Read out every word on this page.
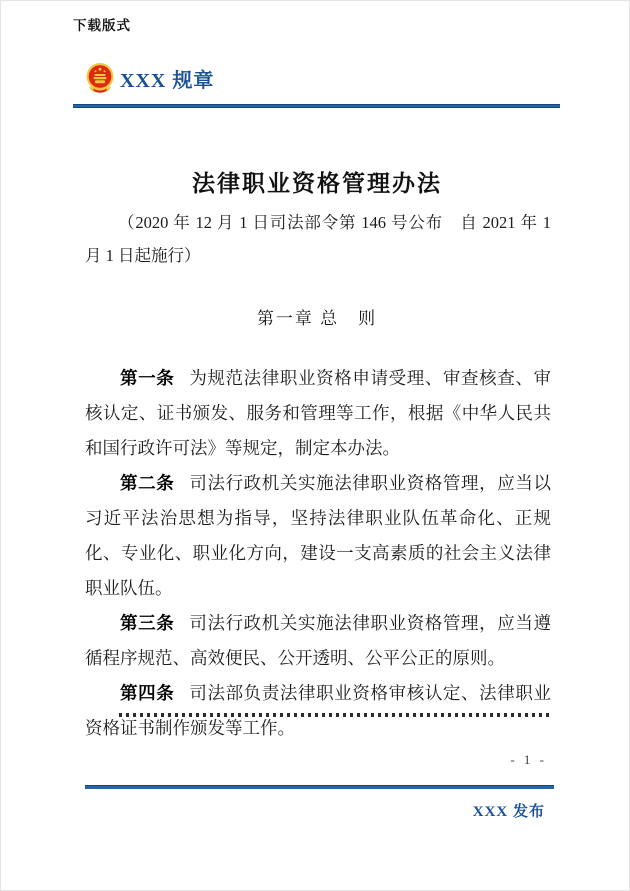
下载版式
XXX 规章
法律职业资格管理办法
（2020 年 12 月 1 日司法部令第 146 号公布　自 2021 年 1 月 1 日起施行）
第一章 总　则

第一条 为规范法律职业资格申请受理、审查核查、审核认定、证书颁发、服务和管理等工作，根据《中华人民共和国行政许可法》等规定，制定本办法。

第二条 司法行政机关实施法律职业资格管理，应当以习近平法治思想为指导，坚持法律职业队伍革命化、正规化、专业化、职业化方向，建设一支高素质的社会主义法律职业队伍。

第三条 司法行政机关实施法律职业资格管理，应当遵循程序规范、高效便民、公开透明、公平公正的原则。

第四条 司法部负责法律职业资格审核认定、法律职业资格证书制作颁发等工作。

- 1 -
XXX 发布
